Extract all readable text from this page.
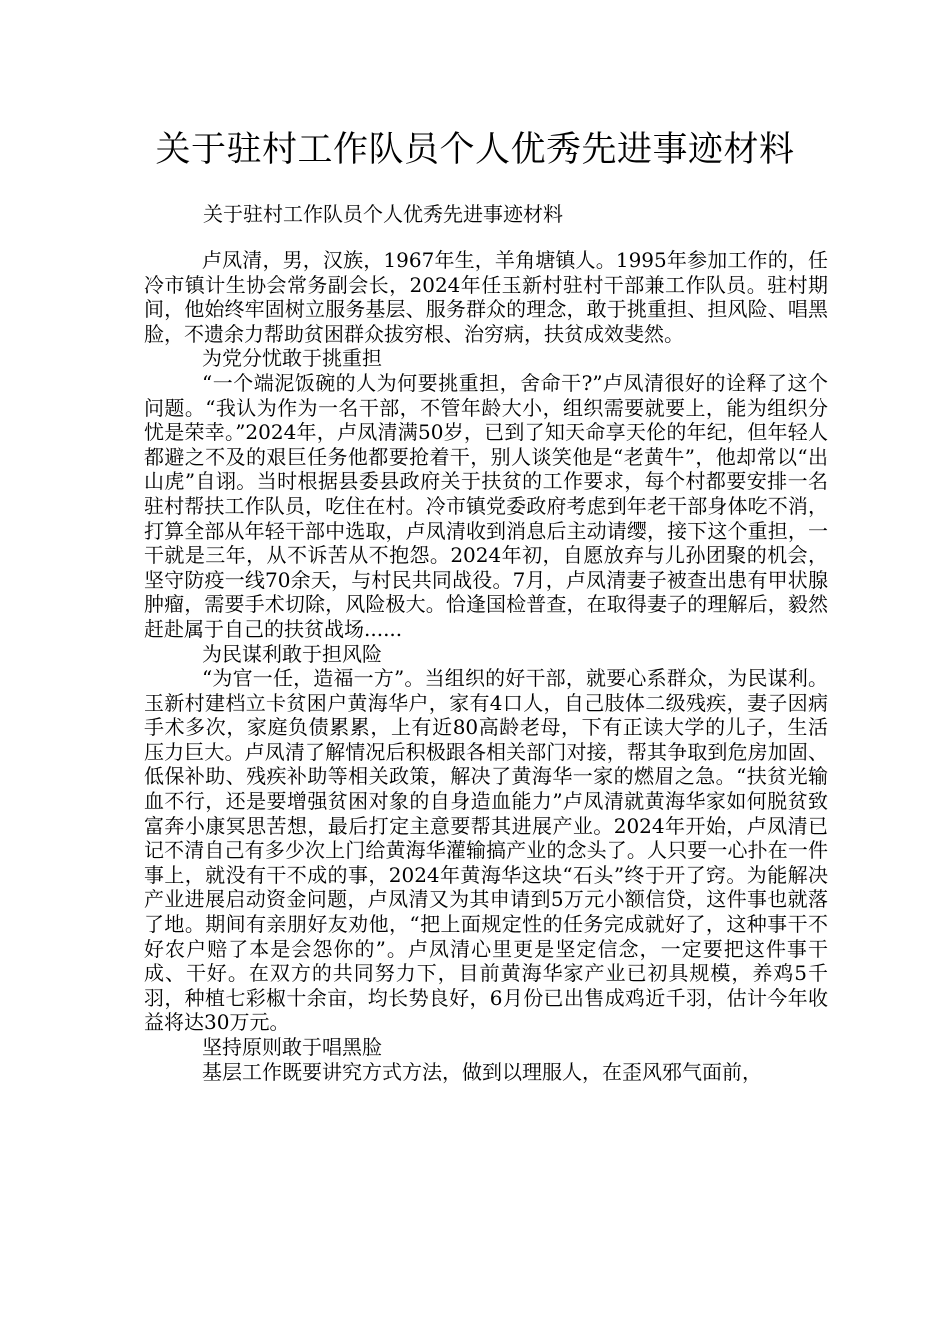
关于驻村工作队员个人优秀先进事迹材料
关于驻村工作队员个人优秀先进事迹材料

卢凤清，男，汉族，1967年生，羊角塘镇人。1995年参加工作的，任冷市镇计生协会常务副会长，2024年任玉新村驻村干部兼工作队员。驻村期间，他始终牢固树立服务基层、服务群众的理念，敢于挑重担、担风险、唱黑脸，不遗余力帮助贫困群众拔穷根、治穷病，扶贫成效斐然。

为党分忧敢于挑重担

“一个端泥饭碗的人为何要挑重担，舍命干?”卢凤清很好的诠释了这个问题。“我认为作为一名干部，不管年龄大小，组织需要就要上，能为组织分忧是荣幸。”2024年，卢凤清满50岁，已到了知天命享天伦的年纪，但年轻人都避之不及的艰巨任务他都要抢着干，别人谈笑他是“老黄牛”，他却常以“出山虎”自诩。当时根据县委县政府关于扶贫的工作要求，每个村都要安排一名驻村帮扶工作队员，吃住在村。冷市镇党委政府考虑到年老干部身体吃不消，打算全部从年轻干部中选取，卢凤清收到消息后主动请缨，接下这个重担，一干就是三年，从不诉苦从不抱怨。2024年初，自愿放弃与儿孙团聚的机会，坚守防疫一线70余天，与村民共同战役。7月，卢凤清妻子被查出患有甲状腺肿瘤，需要手术切除，风险极大。恰逢国检普查，在取得妻子的理解后，毅然赶赴属于自己的扶贫战场......

为民谋利敢于担风险

“为官一任，造福一方”。当组织的好干部，就要心系群众，为民谋利。玉新村建档立卡贫困户黄海华户，家有4口人，自己肢体二级残疾，妻子因病手术多次，家庭负债累累，上有近80高龄老母，下有正读大学的儿子，生活压力巨大。卢凤清了解情况后积极跟各相关部门对接，帮其争取到危房加固、低保补助、残疾补助等相关政策，解决了黄海华一家的燃眉之急。“扶贫光输血不行，还是要增强贫困对象的自身造血能力”卢凤清就黄海华家如何脱贫致富奔小康冥思苦想，最后打定主意要帮其进展产业。2024年开始，卢凤清已记不清自己有多少次上门给黄海华灌输搞产业的念头了。人只要一心扑在一件事上，就没有干不成的事，2024年黄海华这块“石头”终于开了窍。为能解决产业进展启动资金问题，卢凤清又为其申请到5万元小额信贷，这件事也就落了地。期间有亲朋好友劝他，“把上面规定性的任务完成就好了，这种事干不好农户赔了本是会怨你的”。卢凤清心里更是坚定信念，一定要把这件事干成、干好。在双方的共同努力下，目前黄海华家产业已初具规模，养鸡5千羽，种植七彩椒十余亩，均长势良好，6月份已出售成鸡近千羽，估计今年收益将达30万元。

坚持原则敢于唱黑脸

基层工作既要讲究方式方法，做到以理服人，在歪风邪气面前，
